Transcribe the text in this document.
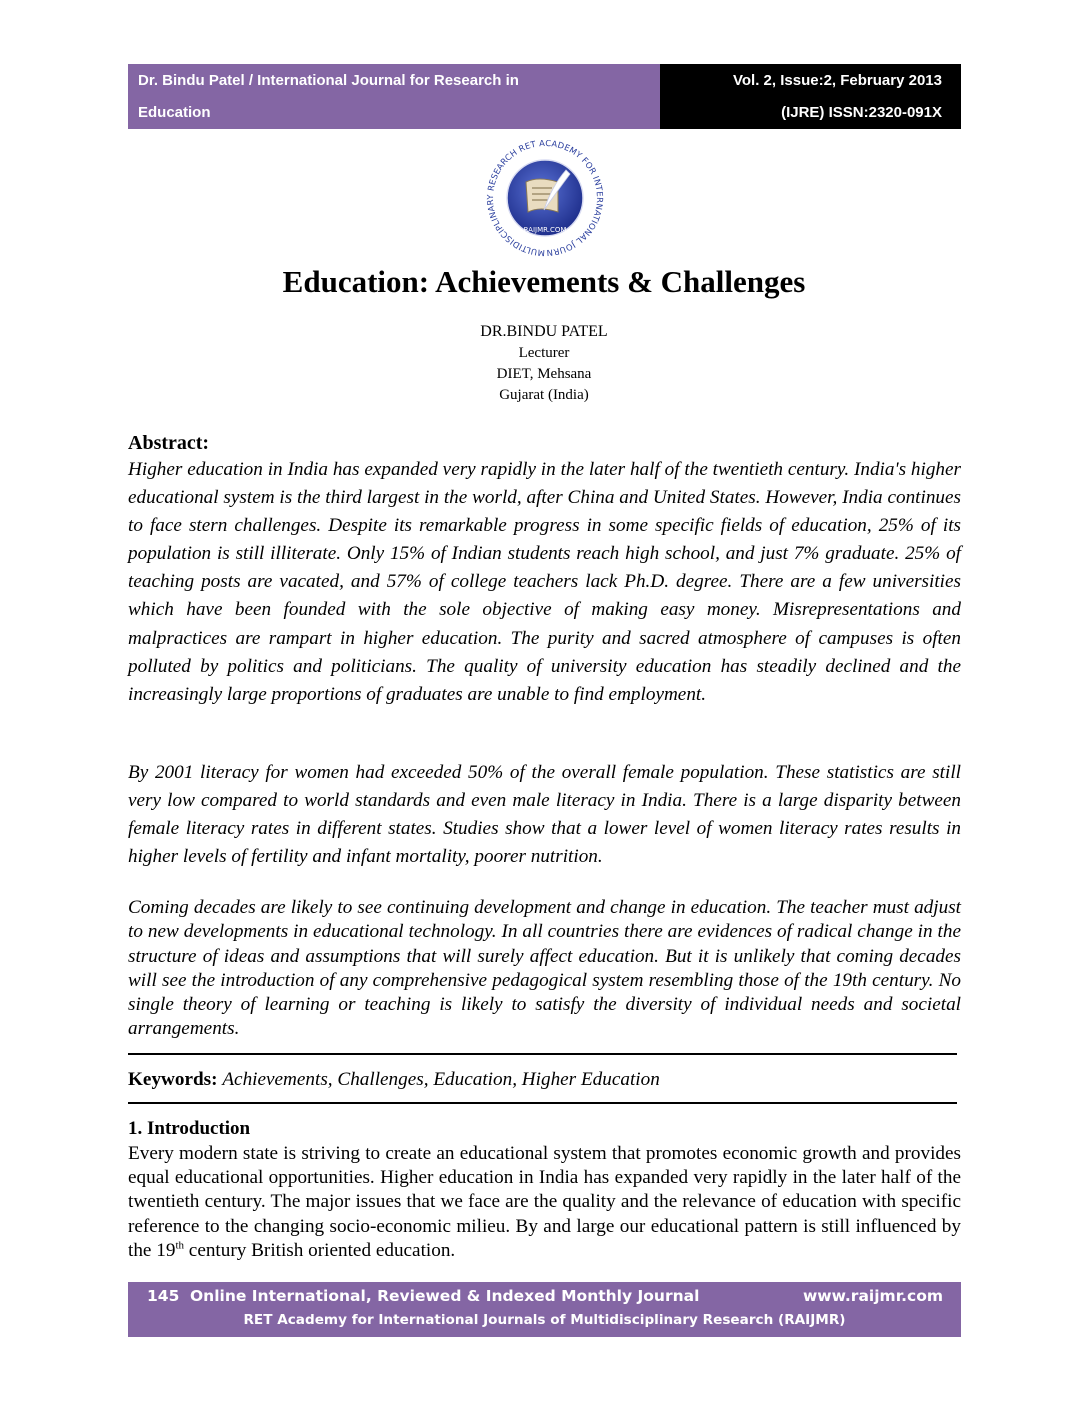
Dr. Bindu Patel / International Journal for Research in
Education
Vol. 2, Issue:2, February 2013
(IJRE) ISSN:2320-091X
MULTIDISCIPLINARY RESEARCH RET ACADEMY FOR INTERNATIONAL JOURN
RAIJMR.COM
Education: Achievements & Challenges
DR.BINDU PATEL
Lecturer
DIET, Mehsana
Gujarat (India)
Abstract:

Higher education in India has expanded very rapidly in the later half of the twentieth century. India's higher educational system is the third largest in the world, after China and United States. However, India continues to face stern challenges. Despite its remarkable progress in some specific fields of education, 25% of its population is still illiterate. Only 15% of Indian students reach high school, and just 7% graduate. 25% of teaching posts are vacated, and 57% of college teachers lack Ph.D. degree. There are a few universities which have been founded with the sole objective of making easy money. Misrepresentations and malpractices are rampart in higher education. The purity and sacred atmosphere of campuses is often polluted by politics and politicians. The quality of university education has steadily declined and the increasingly large proportions of graduates are unable to find employment.

By 2001 literacy for women had exceeded 50% of the overall female population. These statistics are still very low compared to world standards and even male literacy in India. There is a large disparity between female literacy rates in different states. Studies show that a lower level of women literacy rates results in higher levels of fertility and infant mortality, poorer nutrition.

Coming decades are likely to see continuing development and change in education. The teacher must adjust to new developments in educational technology. In all countries there are evidences of radical change in the structure of ideas and assumptions that will surely affect education. But it is unlikely that coming decades will see the introduction of any comprehensive pedagogical system resembling those of the 19th century. No single theory of learning or teaching is likely to satisfy the diversity of individual needs and societal arrangements.

Keywords: Achievements, Challenges, Education, Higher Education
1. Introduction
Every modern state is striving to create an educational system that promotes economic growth and provides equal educational opportunities. Higher education in India has expanded very rapidly in the later half of the twentieth century. The major issues that we face are the quality and the relevance of education with specific reference to the changing socio-economic milieu. By and large our educational pattern is still influenced by the 19th century British oriented education.
145 Online International, Reviewed & Indexed Monthly Journal	www.raijmr.com
RET Academy for International Journals of Multidisciplinary Research (RAIJMR)
